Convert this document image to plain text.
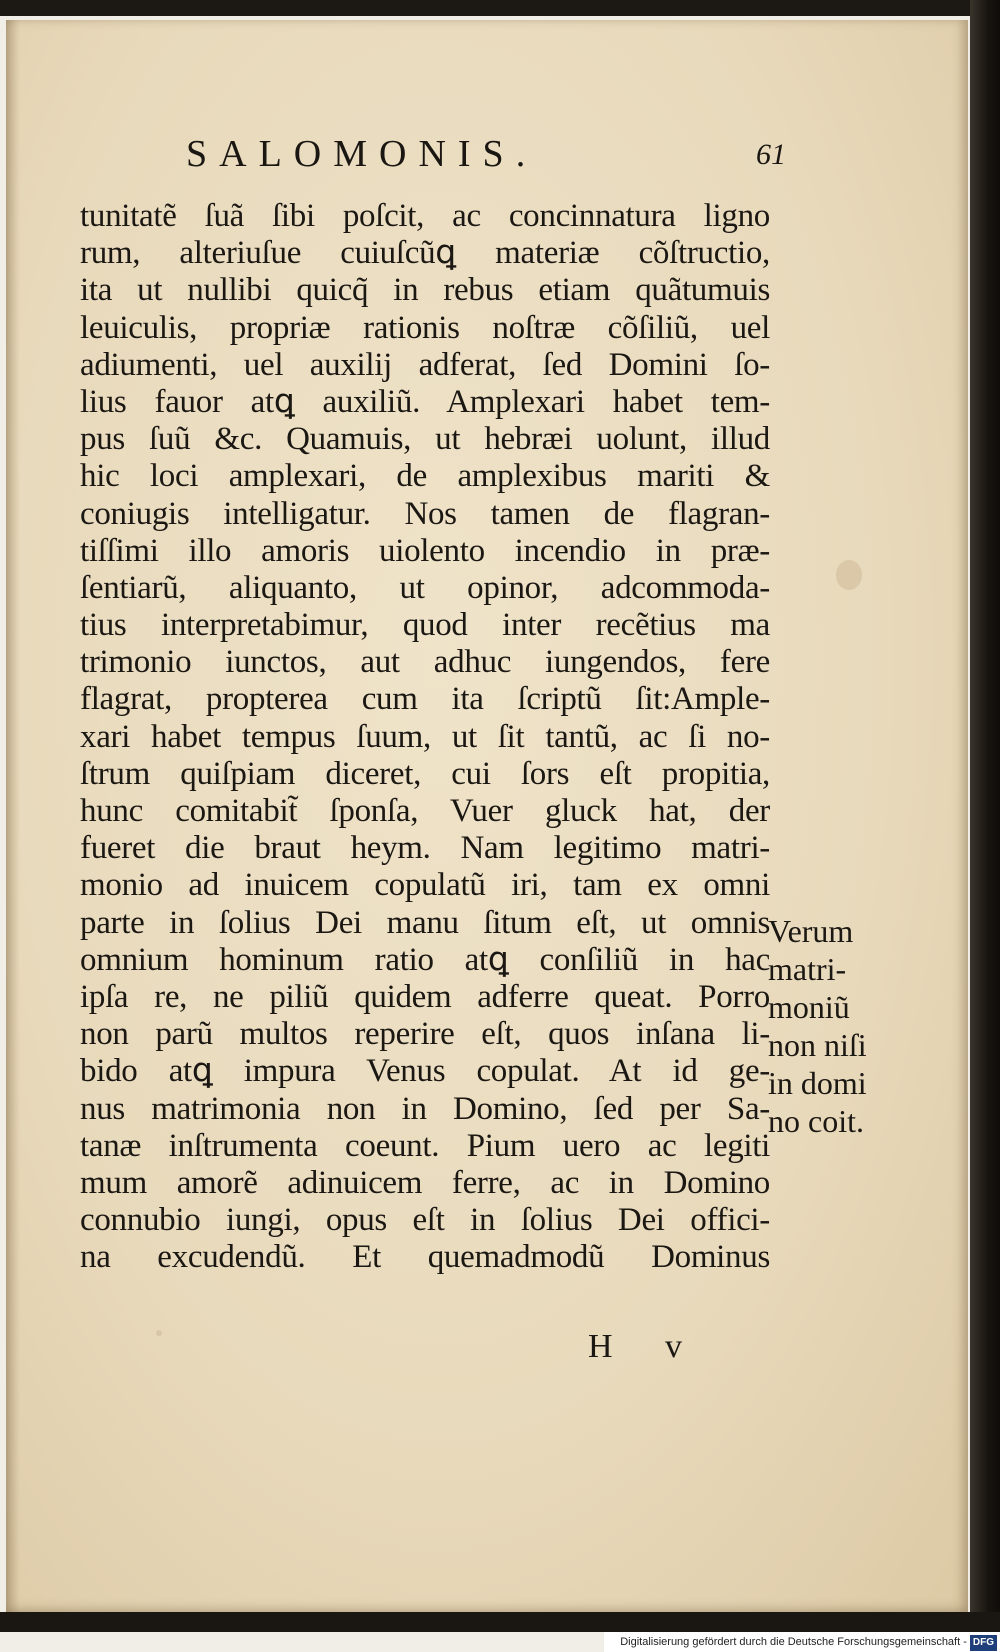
SALOMONIS.	61
tunitatẽ ſuã ſibi poſcit, ac concinnatura ligno
rum, alteriuſue cuiuſcũꝗ materiæ cõſtructio,
ita ut nullibi quicq̃ in rebus etiam quãtumuis
leuiculis, propriæ rationis noſtræ cõſiliũ, uel
adiumenti, uel auxilij adferat, ſed Domini ſo-
lius fauor atꝗ auxiliũ. Amplexari habet tem-
pus ſuũ &c. Quamuis, ut hebræi uolunt, illud
hic loci amplexari, de amplexibus mariti &
coniugis intelligatur. Nos tamen de flagran-
tiſſimi illo amoris uiolento incendio in præ-
ſentiarũ, aliquanto, ut opinor, adcommoda-
tius interpretabimur, quod inter recẽtius ma
trimonio iunctos, aut adhuc iungendos, fere
flagrat, propterea cum ita ſcriptũ ſit:Ample-
xari habet tempus ſuum, ut ſit tantũ, ac ſi no-
ſtrum quiſpiam diceret, cui ſors eſt propitia,
hunc comitabit̃ ſponſa, Vuer gluck hat, der
fueret die braut heym. Nam legitimo matri-
monio ad inuicem copulatũ iri, tam ex omni
parte in ſolius Dei manu ſitum eſt, ut omnis
omnium hominum ratio atꝗ conſiliũ in hac
ipſa re, ne piliũ quidem adferre queat. Porro
non parũ multos reperire eſt, quos inſana li-
bido atꝗ impura Venus copulat. At id ge-
nus matrimonia non in Domino, ſed per Sa-
tanæ inſtrumenta coeunt. Pium uero ac legiti
mum amorẽ adinuicem ferre, ac in Domino
connubio iungi, opus eſt in ſolius Dei offici-
na excudendũ. Et quemadmodũ Dominus
Verum
matri-
moniũ
non niſi
in domi
no coit.
H v
Digitalisierung gefördert durch die Deutsche Forschungsgemeinschaft - DFG
